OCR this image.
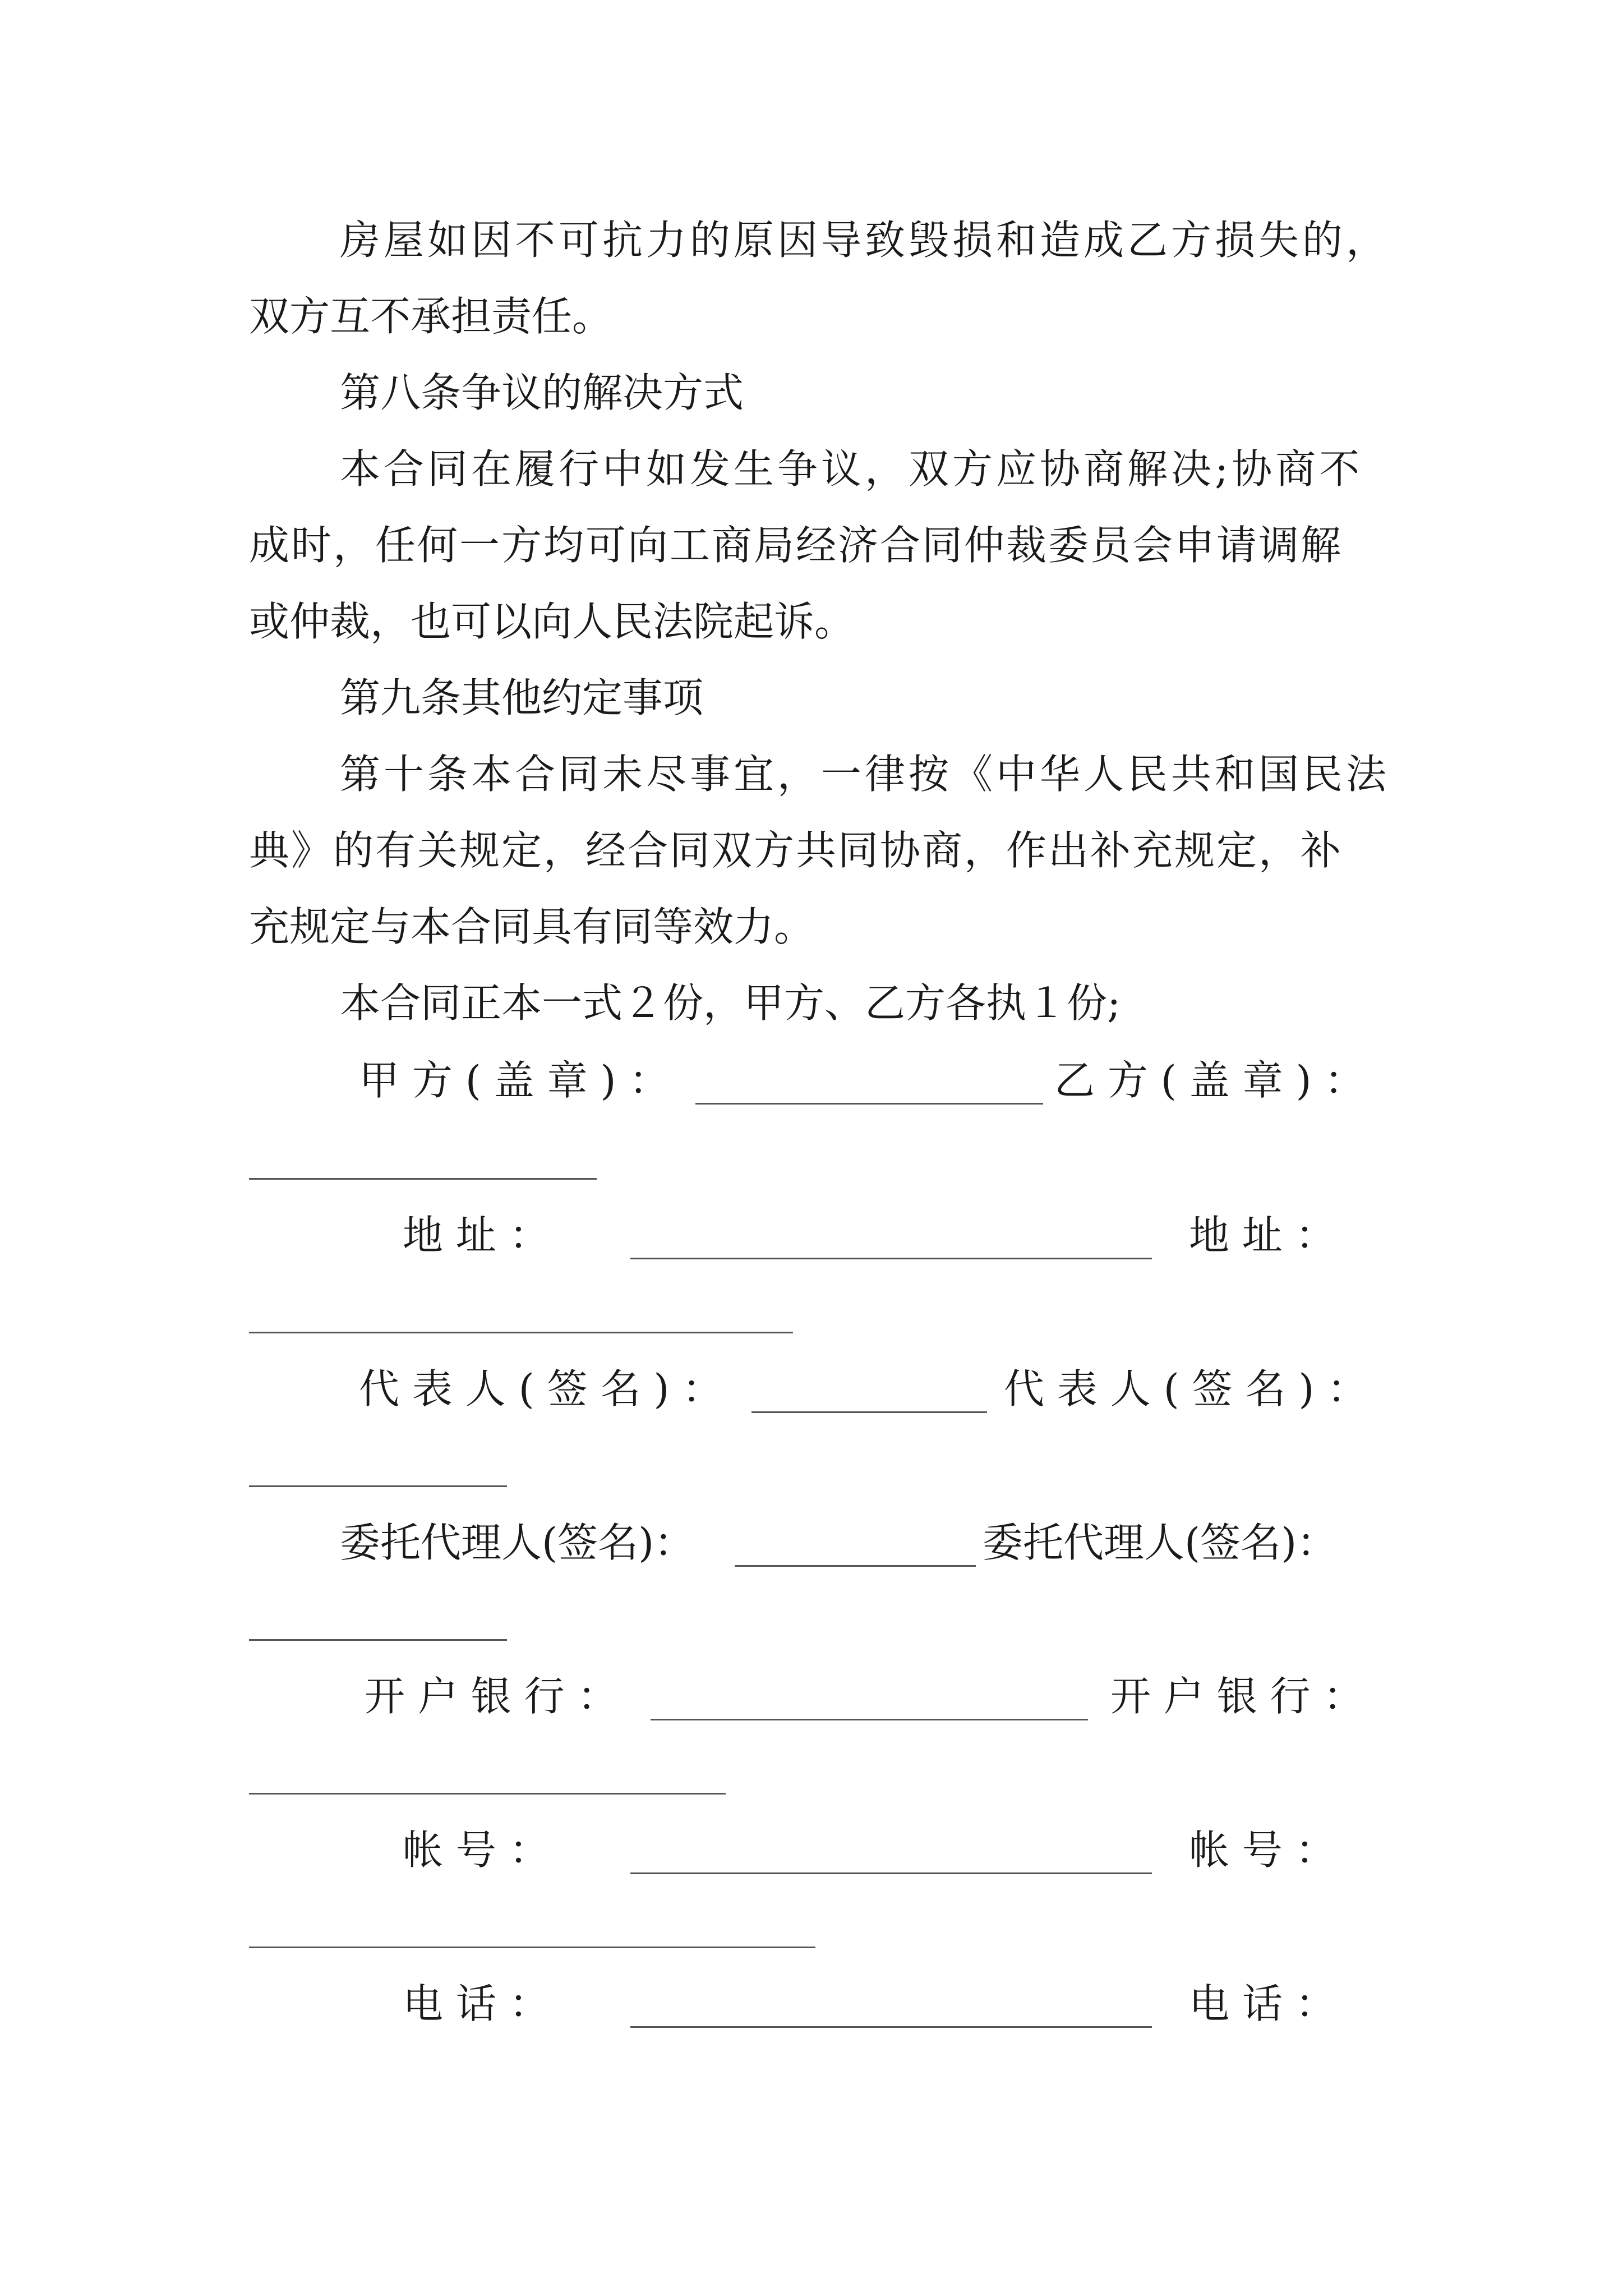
房屋如因不可抗力的原因导致毁损和造成乙方损失的，
双方互不承担责任。
第八条争议的解决方式
本合同在履行中如发生争议，双方应协商解决;协商不
成时，任何一方均可向工商局经济合同仲裁委员会申请调解
或仲裁，也可以向人民法院起诉。
第九条其他约定事项
第十条本合同未尽事宜，一律按《中华人民共和国民法
典》的有关规定，经合同双方共同协商，作出补充规定，补
充规定与本合同具有同等效力。
本合同正本一式２份，甲方、乙方各执１份;
甲 方 ( 盖 章 ) ：	乙 方 ( 盖 章 ) ：
地 址 ：	地 址 ：
代 表 人 ( 签 名 ) ：	代 表 人 ( 签 名 ) ：
委托代理人(签名)：	委托代理人(签名)：
开 户 银 行 ：	开 户 银 行 ：
帐 号 ：	帐 号 ：
电 话 ：	电 话 ：
